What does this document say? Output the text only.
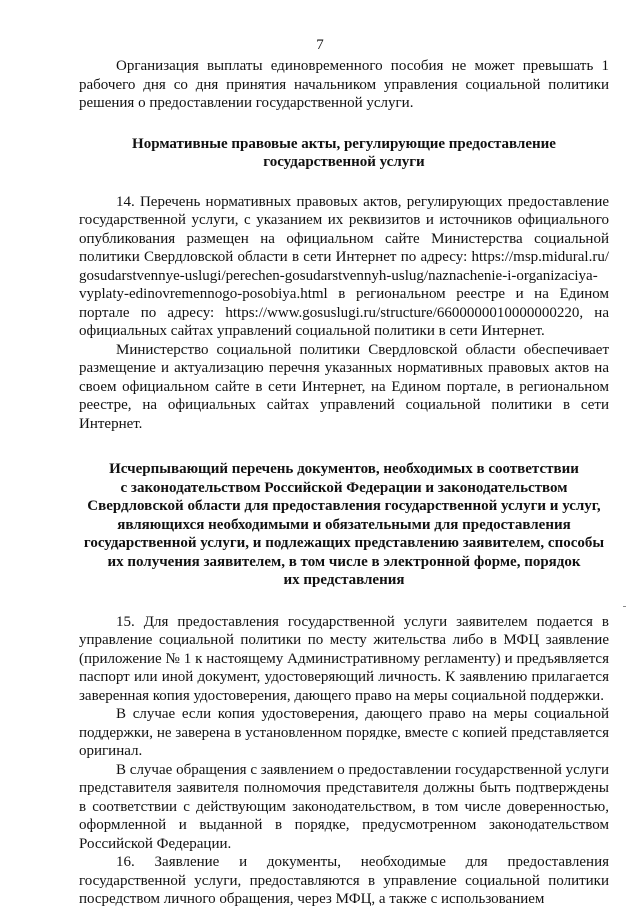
7

Организация выплаты единовременного пособия не может превышать 1 рабочего дня со дня принятия начальником управления социальной политики решения о предоставлении государственной услуги.

Нормативные правовые акты, регулирующие предоставление государственной услуги

14. Перечень нормативных правовых актов, регулирующих предоставление государственной услуги, с указанием их реквизитов и источников официального опубликования размещен на официальном сайте Министерства социальной политики Свердловской области в сети Интернет по адресу: https://msp.midural.ru/ gosudarstvennye-uslugi/perechen-gosudarstvennyh-uslug/naznachenie-i-organizaciya-vyplaty-edinovremennogo-posobiya.html в региональном реестре и на Едином портале по адресу: https://www.gosuslugi.ru/structure/6600000010000000220, на официальных сайтах управлений социальной политики в сети Интернет.

Министерство социальной политики Свердловской области обеспечивает размещение и актуализацию перечня указанных нормативных правовых актов на своем официальном сайте в сети Интернет, на Едином портале, в региональном реестре, на официальных сайтах управлений социальной политики в сети Интернет.

Исчерпывающий перечень документов, необходимых в соответствии
с законодательством Российской Федерации и законодательством
Свердловской области для предоставления государственной услуги и услуг,
являющихся необходимыми и обязательными для предоставления
государственной услуги, и подлежащих представлению заявителем, способы
их получения заявителем, в том числе в электронной форме, порядок
их представления

15. Для предоставления государственной услуги заявителем подается в управление социальной политики по месту жительства либо в МФЦ заявление (приложение № 1 к настоящему Административному регламенту) и предъявляется паспорт или иной документ, удостоверяющий личность. К заявлению прилагается заверенная копия удостоверения, дающего право на меры социальной поддержки.

В случае если копия удостоверения, дающего право на меры социальной поддержки, не заверена в установленном порядке, вместе с копией представляется оригинал.

В случае обращения с заявлением о предоставлении государственной услуги представителя заявителя полномочия представителя должны быть подтверждены в соответствии с действующим законодательством, в том числе доверенностью, оформленной и выданной в порядке, предусмотренном законодательством Российской Федерации.

16. Заявление и документы, необходимые для предоставления государственной услуги, предоставляются в управление социальной политики посредством личного обращения, через МФЦ, а также с использованием
